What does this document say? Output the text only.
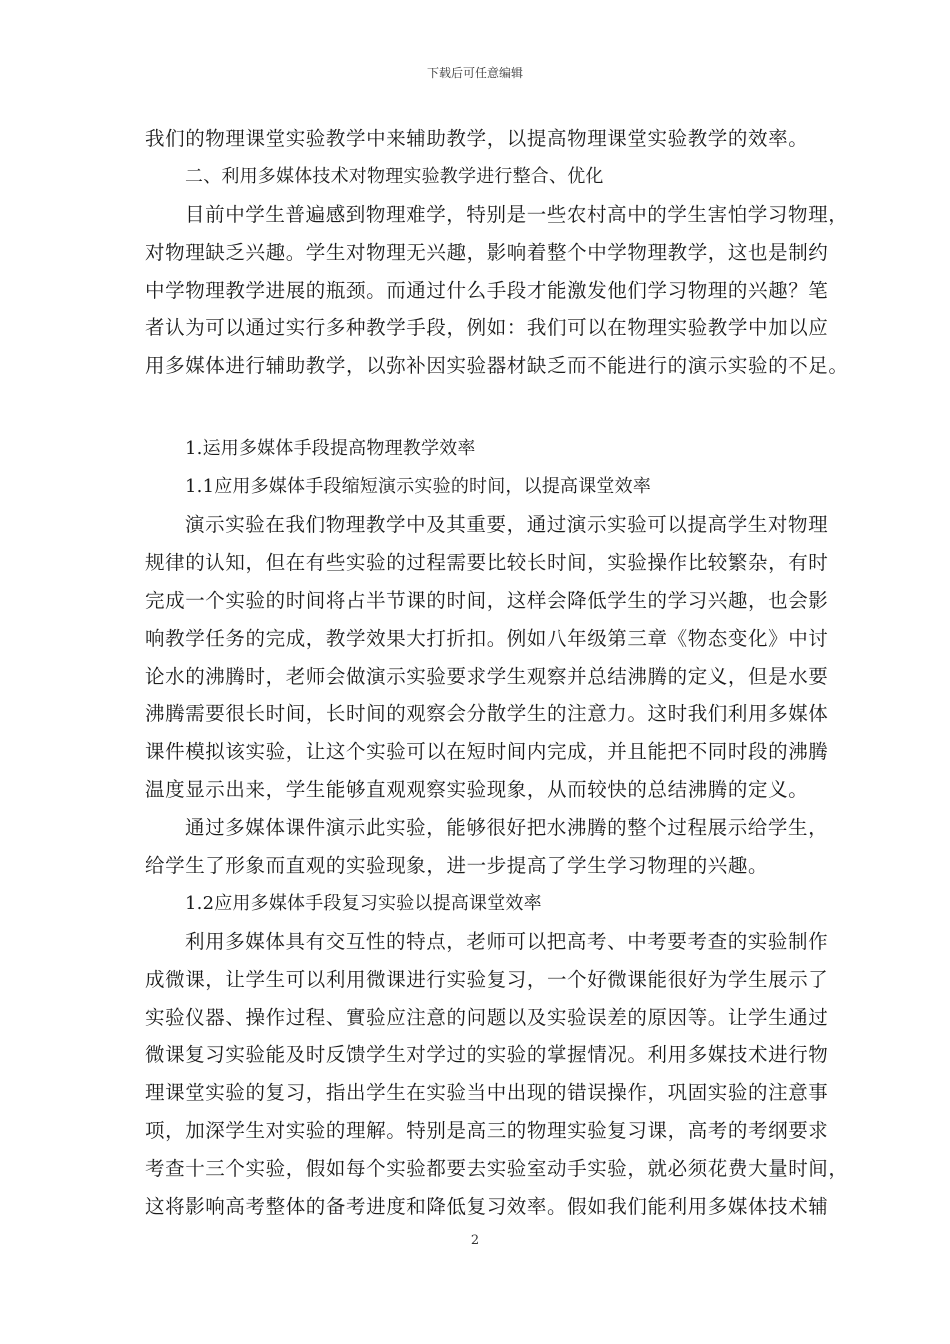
下载后可任意编辑
我们的物理课堂实验教学中来辅助教学，以提高物理课堂实验教学的效率。
二、利用多媒体技术对物理实验教学进行整合、优化
目前中学生普遍感到物理难学，特别是一些农村高中的学生害怕学习物理，
对物理缺乏兴趣。学生对物理无兴趣，影响着整个中学物理教学，这也是制约
中学物理教学进展的瓶颈。而通过什么手段才能激发他们学习物理的兴趣？笔
者认为可以通过实行多种教学手段，例如：我们可以在物理实验教学中加以应
用多媒体进行辅助教学，以弥补因实验器材缺乏而不能进行的演示实验的不足。
1.运用多媒体手段提高物理教学效率
1.1应用多媒体手段缩短演示实验的时间，以提高课堂效率
演示实验在我们物理教学中及其重要，通过演示实验可以提高学生对物理
规律的认知，但在有些实验的过程需要比较长时间，实验操作比较繁杂，有时
完成一个实验的时间将占半节课的时间，这样会降低学生的学习兴趣，也会影
响教学任务的完成，教学效果大打折扣。例如八年级第三章《物态变化》中讨
论水的沸腾时，老师会做演示实验要求学生观察并总结沸腾的定义，但是水要
沸腾需要很长时间，长时间的观察会分散学生的注意力。这时我们利用多媒体
课件模拟该实验，让这个实验可以在短时间内完成，并且能把不同时段的沸腾
温度显示出来，学生能够直观观察实验现象，从而较快的总结沸腾的定义。
通过多媒体课件演示此实验，能够很好把水沸腾的整个过程展示给学生，
给学生了形象而直观的实验现象，进一步提高了学生学习物理的兴趣。
1.2应用多媒体手段复习实验以提高课堂效率
利用多媒体具有交互性的特点，老师可以把高考、中考要考查的实验制作
成微课，让学生可以利用微课进行实验复习，一个好微课能很好为学生展示了
实验仪器、操作过程、實验应注意的问题以及实验误差的原因等。让学生通过
微课复习实验能及时反馈学生对学过的实验的掌握情况。利用多媒技术进行物
理课堂实验的复习，指出学生在实验当中出现的错误操作，巩固实验的注意事
项，加深学生对实验的理解。特别是高三的物理实验复习课，高考的考纲要求
考查十三个实验，假如每个实验都要去实验室动手实验，就必须花费大量时间，
这将影响高考整体的备考进度和降低复习效率。假如我们能利用多媒体技术辅
2
